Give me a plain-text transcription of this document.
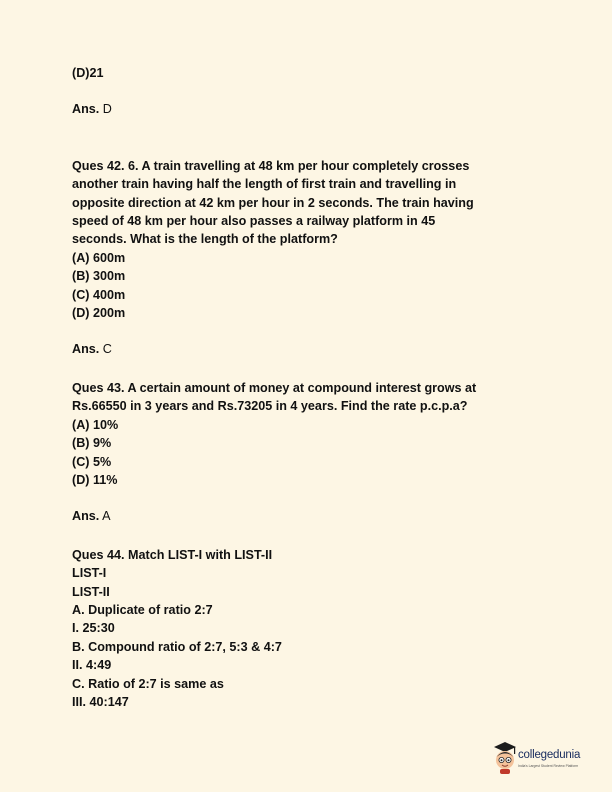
(D)21
Ans. D
Ques 42. 6. A train travelling at 48 km per hour completely crosses
another train having half the length of first train and travelling in
opposite direction at 42 km per hour in 2 seconds. The train having
speed of 48 km per hour also passes a railway platform in 45
seconds. What is the length of the platform?
(A) 600m
(B) 300m
(C) 400m
(D) 200m
Ans. C
Ques 43. A certain amount of money at compound interest grows at
Rs.66550 in 3 years and Rs.73205 in 4 years. Find the rate p.c.p.a?
(A) 10%
(B) 9%
(C) 5%
(D) 11%
Ans. A
Ques 44. Match LIST-I with LIST-II
LIST-I
LIST-II
A. Duplicate of ratio 2:7
I. 25:30
B. Compound ratio of 2:7, 5:3 & 4:7
II. 4:49
C. Ratio of 2:7 is same as
III. 40:147
collegedunia
India's Largest Student Review Platform
